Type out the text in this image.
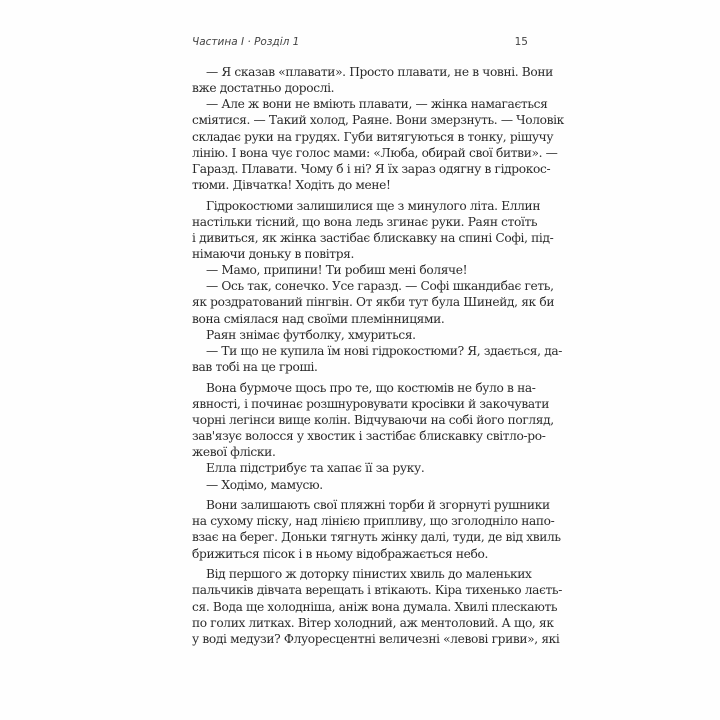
Частина І · Розділ 1	15
— Я сказав «плавати». Просто плавати, не в човні. Вони
вже достатньо дорослі.
— Але ж вони не вміють плавати, — жінка намагається
сміятися. — Такий холод, Раяне. Вони змерзнуть. — Чоловік
складає руки на грудях. Губи витягуються в тонку, рішучу
лінію. І вона чує голос мами: «Люба, обирай свої битви». —
Гаразд. Плавати. Чому б і ні? Я їх зараз одягну в гідрокос-
тюми. Дівчатка! Ходіть до мене!
Гідрокостюми залишилися ще з минулого літа. Еллин
настільки тісний, що вона ледь згинає руки. Раян стоїть
і дивиться, як жінка застібає блискавку на спині Софі, під-
німаючи доньку в повітря.
— Мамо, припини! Ти робиш мені боляче!
— Ось так, сонечко. Усе гаразд. — Софі шкандибає геть,
як роздратований пінгвін. От якби тут була Шинейд, як би
вона сміялася над своїми племінницями.
Раян знімає футболку, хмуриться.
— Ти що не купила їм нові гідрокостюми? Я, здається, да-
вав тобі на це гроші.
Вона бурмоче щось про те, що костюмів не було в на-
явності, і починає розшнуровувати кросівки й закочувати
чорні легінси вище колін. Відчуваючи на собі його погляд,
зав'язує волосся у хвостик і застібає блискавку світло-ро-
жевої фліски.
Елла підстрибує та хапає її за руку.
— Ходімо, мамусю.
Вони залишають свої пляжні торби й згорнуті рушники
на сухому піску, над лінією припливу, що зголодніло напо-
взає на берег. Доньки тягнуть жінку далі, туди, де від хвиль
брижиться пісок і в ньому відображається небо.
Від першого ж доторку пінистих хвиль до маленьких
пальчиків дівчата верещать і втікають. Кіра тихенько лаєть-
ся. Вода ще холодніша, аніж вона думала. Хвилі плескають
по голих литках. Вітер холодний, аж ментоловий. А що, як
у воді медузи? Флуоресцентні величезні «левові гриви», які
